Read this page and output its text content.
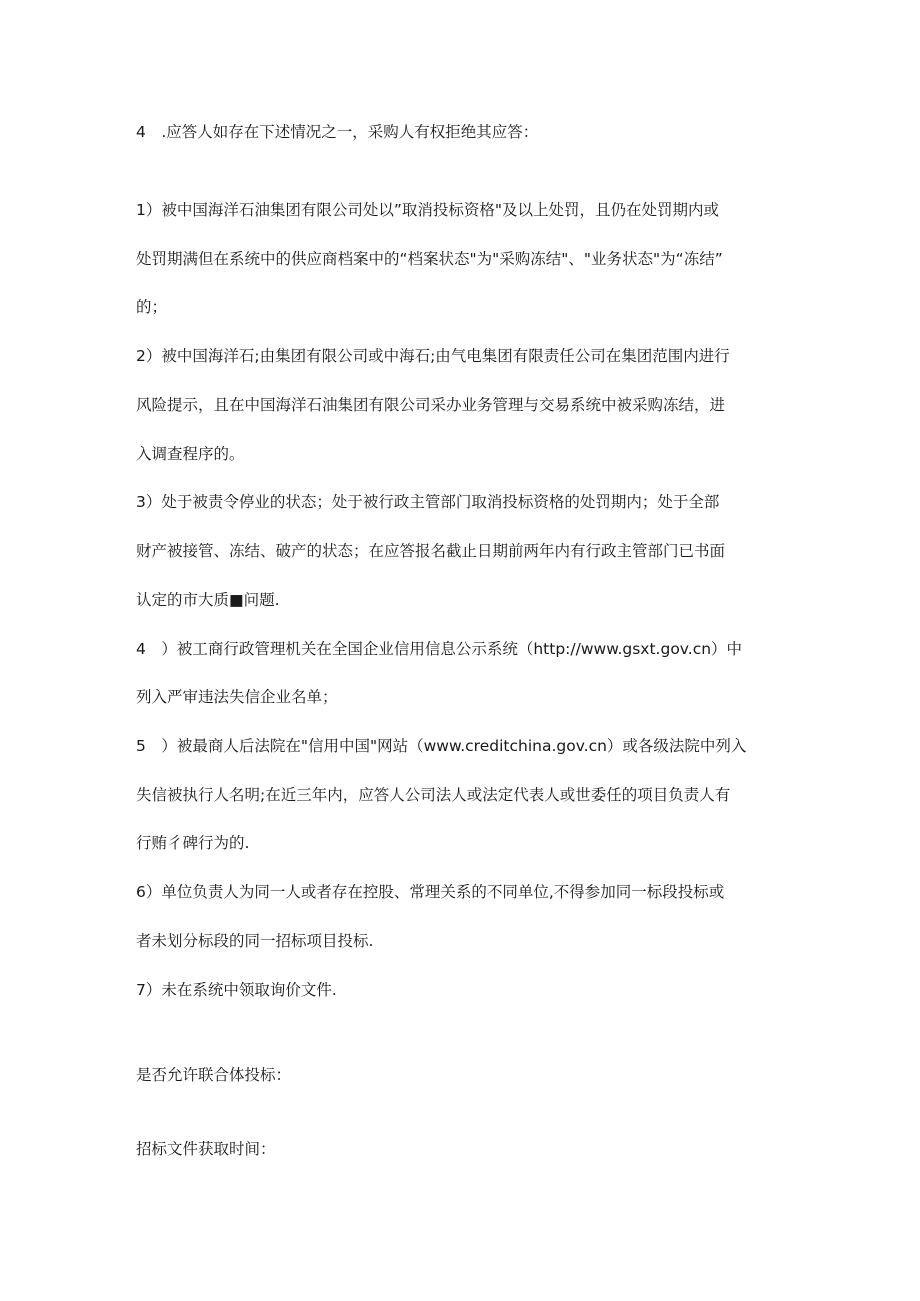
4　.应答人如存在下述情况之一，采购人有权拒绝其应答：
1）被中国海洋石油集团有限公司处以”取消投标资格"及以上处罚，且仍在处罚期内或
处罚期满但在系统中的供应商档案中的“档案状态"为"采购冻结"、"业务状态"为“冻结”
的；
2）被中国海洋石;由集团有限公司或中海石;由气电集团有限责任公司在集团范围内进行
风险提示，且在中国海洋石油集团有限公司采办业务管理与交易系统中被采购冻结，进
入调查程序的。
3）处于被责令停业的状态；处于被行政主管部门取消投标资格的处罚期内；处于全部
财产被接管、冻结、破产的状态；在应答报名截止日期前两年内有行政主管部门已书面
认定的市大质■问题.
4　）被工商行政管理机关在全国企业信用信息公示系统（http://www.gsxt.gov.cn）中
列入严审违法失信企业名单；
5　）被最商人后法院在"信用中国"网站（www.creditchina.gov.cn）或各级法院中列入
失信被执行人名明;在近三年内，应答人公司法人或法定代表人或世委任的项目负责人有
行贿彳碑行为的.
6）单位负责人为同一人或者存在控股、常理关系的不同单位,不得参加同一标段投标或
者未划分标段的同一招标项目投标.
7）未在系统中领取询价文件.
是否允许联合体投标：
招标文件获取时间：
